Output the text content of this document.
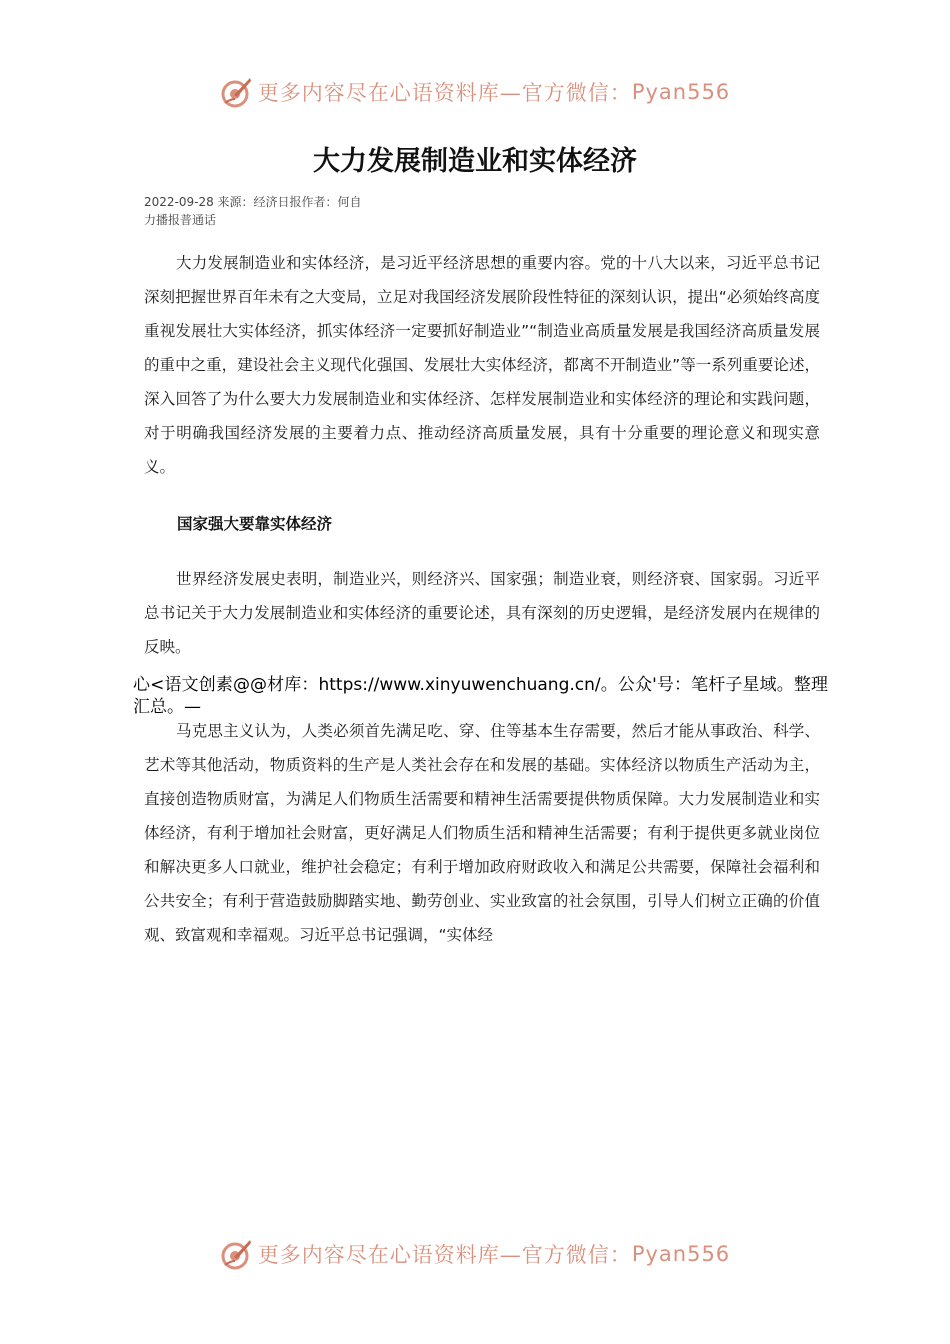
更多内容尽在心语资料库—官方微信： Pyan556
大力发展制造业和实体经济
2022-09-28 来源：经济日报作者：何自
力播报普通话

大力发展制造业和实体经济，是习近平经济思想的重要内容。党的十八大以来，习近平总书记深刻把握世界百年未有之大变局，立足对我国经济发展阶段性特征的深刻认识，提出“必须始终高度重视发展壮大实体经济，抓实体经济一定要抓好制造业”“制造业高质量发展是我国经济高质量发展的重中之重，建设社会主义现代化强国、发展壮大实体经济，都离不开制造业”等一系列重要论述，深入回答了为什么要大力发展制造业和实体经济、怎样发展制造业和实体经济的理论和实践问题，对于明确我国经济发展的主要着力点、推动经济高质量发展，具有十分重要的理论意义和现实意义。

国家强大要靠实体经济

世界经济发展史表明，制造业兴，则经济兴、国家强；制造业衰，则经济衰、国家弱。习近平总书记关于大力发展制造业和实体经济的重要论述，具有深刻的历史逻辑，是经济发展内在规律的反映。

心<语文创素@@材库：https://www.xinyuwenchuang.cn/。公众'号：笔杆子星域。整理汇总。—

马克思主义认为，人类必须首先满足吃、穿、住等基本生存需要，然后才能从事政治、科学、艺术等其他活动，物质资料的生产是人类社会存在和发展的基础。实体经济以物质生产活动为主，直接创造物质财富，为满足人们物质生活需要和精神生活需要提供物质保障。大力发展制造业和实体经济，有利于增加社会财富，更好满足人们物质生活和精神生活需要；有利于提供更多就业岗位和解决更多人口就业，维护社会稳定；有利于增加政府财政收入和满足公共需要，保障社会福利和公共安全；有利于营造鼓励脚踏实地、勤劳创业、实业致富的社会氛围，引导人们树立正确的价值观、致富观和幸福观。习近平总书记强调，“实体经

更多内容尽在心语资料库—官方微信： Pyan556
